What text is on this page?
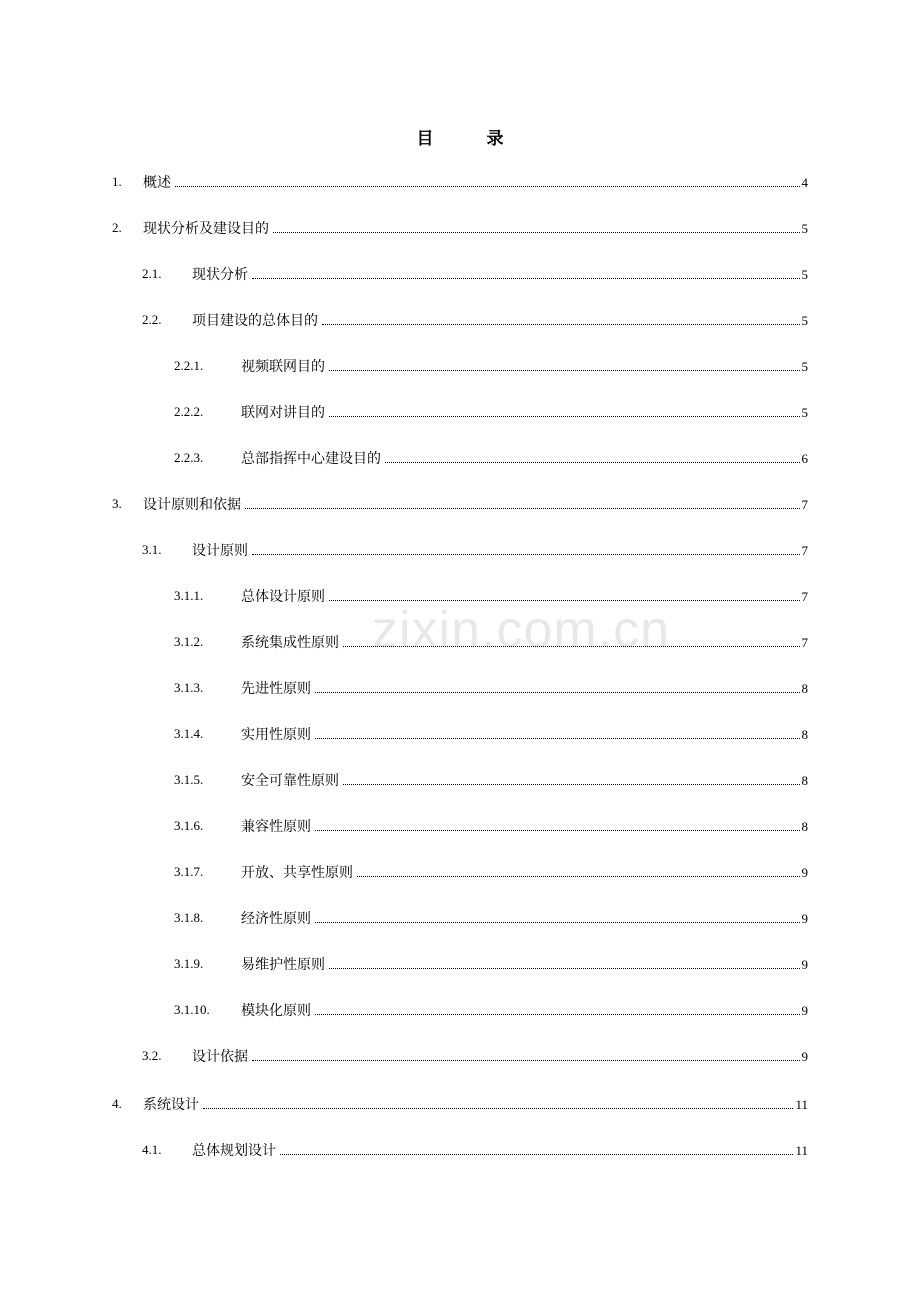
目　录
zixin.com.cn
1. 概述	4
2. 现状分析及建设目的	5
2.1. 现状分析	5
2.2. 项目建设的总体目的	5
2.2.1.	视频联网目的	5
2.2.2.	联网对讲目的	5
2.2.3.	总部指挥中心建设目的	6
3. 设计原则和依据	7
3.1. 设计原则	7
3.1.1.	总体设计原则	7
3.1.2.	系统集成性原则	7
3.1.3.	先进性原则	8
3.1.4.	实用性原则	8
3.1.5.	安全可靠性原则	8
3.1.6.	兼容性原则	8
3.1.7.	开放、共享性原则	9
3.1.8.	经济性原则	9
3.1.9.	易维护性原则	9
3.1.10. 模块化原则	9
3.2. 设计依据	9
4. 系统设计	11
4.1. 总体规划设计	11
